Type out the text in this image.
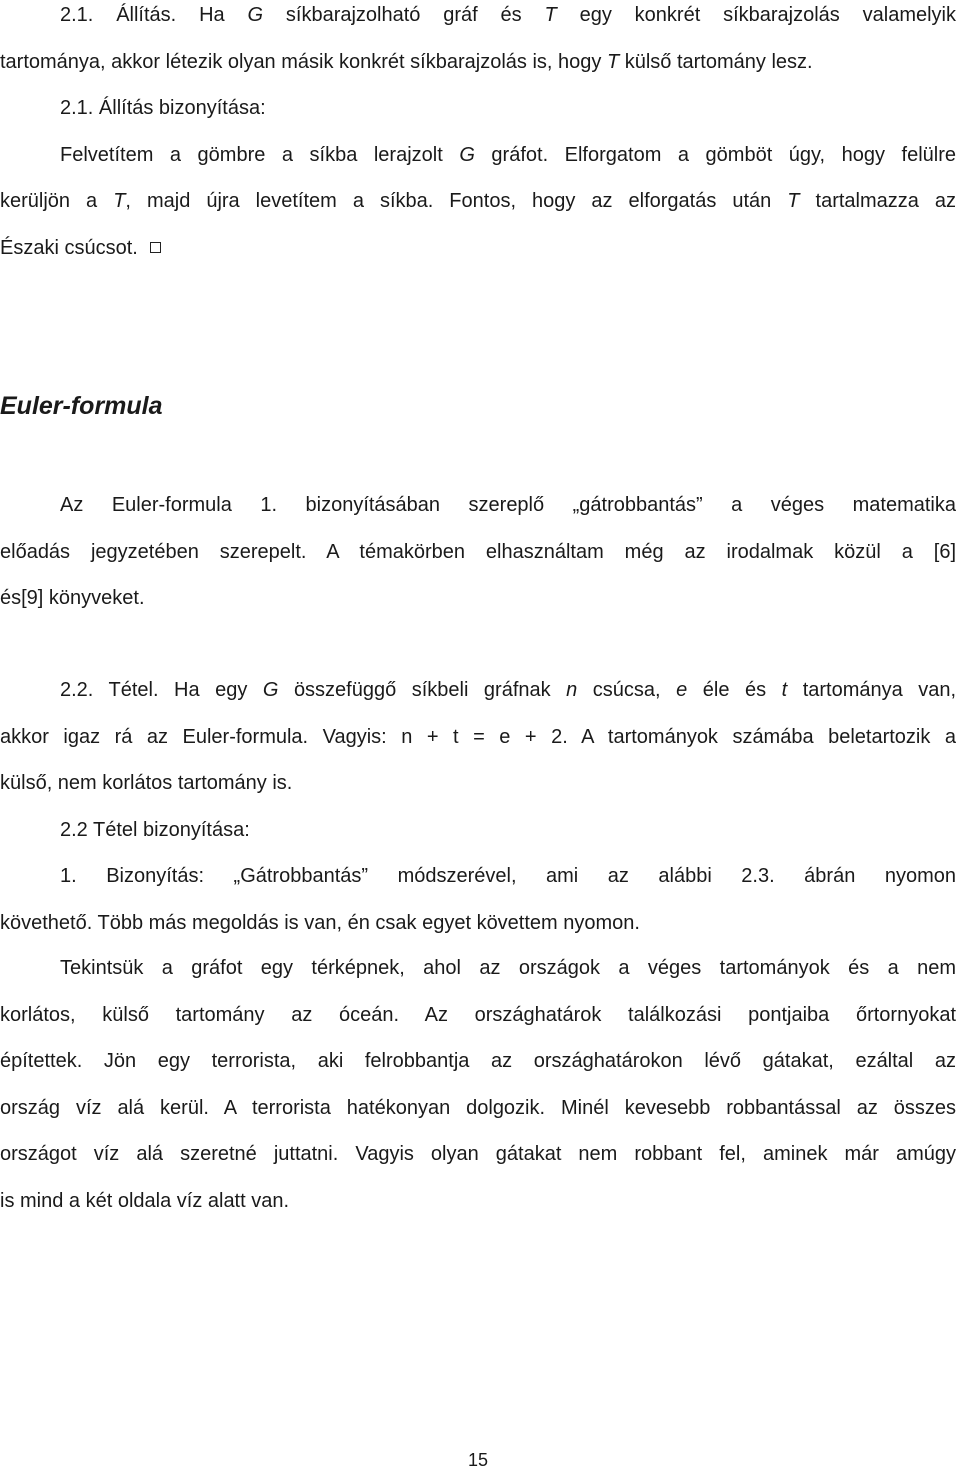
2.1. Állítás. Ha G síkbarajzolható gráf és T egy konkrét síkbarajzolás valamelyik
tartománya, akkor létezik olyan másik konkrét síkbarajzolás is, hogy T külső tartomány lesz.
2.1. Állítás bizonyítása:
Felvetítem a gömbre a síkba lerajzolt G gráfot. Elforgatom a gömböt úgy, hogy felülre
kerüljön a T, majd újra levetítem a síkba. Fontos, hogy az elforgatás után T tartalmazza az
Északi csúcsot.
Euler-formula
Az Euler-formula 1. bizonyításában szereplő „gátrobbantás” a véges matematika
előadás jegyzetében szerepelt. A témakörben elhasználtam még az irodalmak közül a [6]
és[9] könyveket.
2.2. Tétel. Ha egy G összefüggő síkbeli gráfnak n csúcsa, e éle és t tartománya van,
akkor igaz rá az Euler-formula. Vagyis: n + t = e + 2. A tartományok számába beletartozik a
külső, nem korlátos tartomány is.
2.2 Tétel bizonyítása:
1. Bizonyítás: „Gátrobbantás” módszerével, ami az alábbi 2.3. ábrán nyomon
követhető. Több más megoldás is van, én csak egyet követtem nyomon.
Tekintsük a gráfot egy térképnek, ahol az országok a véges tartományok és a nem
korlátos, külső tartomány az óceán. Az országhatárok találkozási pontjaiba őrtornyokat
építettek. Jön egy terrorista, aki felrobbantja az országhatárokon lévő gátakat, ezáltal az
ország víz alá kerül. A terrorista hatékonyan dolgozik. Minél kevesebb robbantással az összes
országot víz alá szeretné juttatni. Vagyis olyan gátakat nem robbant fel, aminek már amúgy
is mind a két oldala víz alatt van.
15
